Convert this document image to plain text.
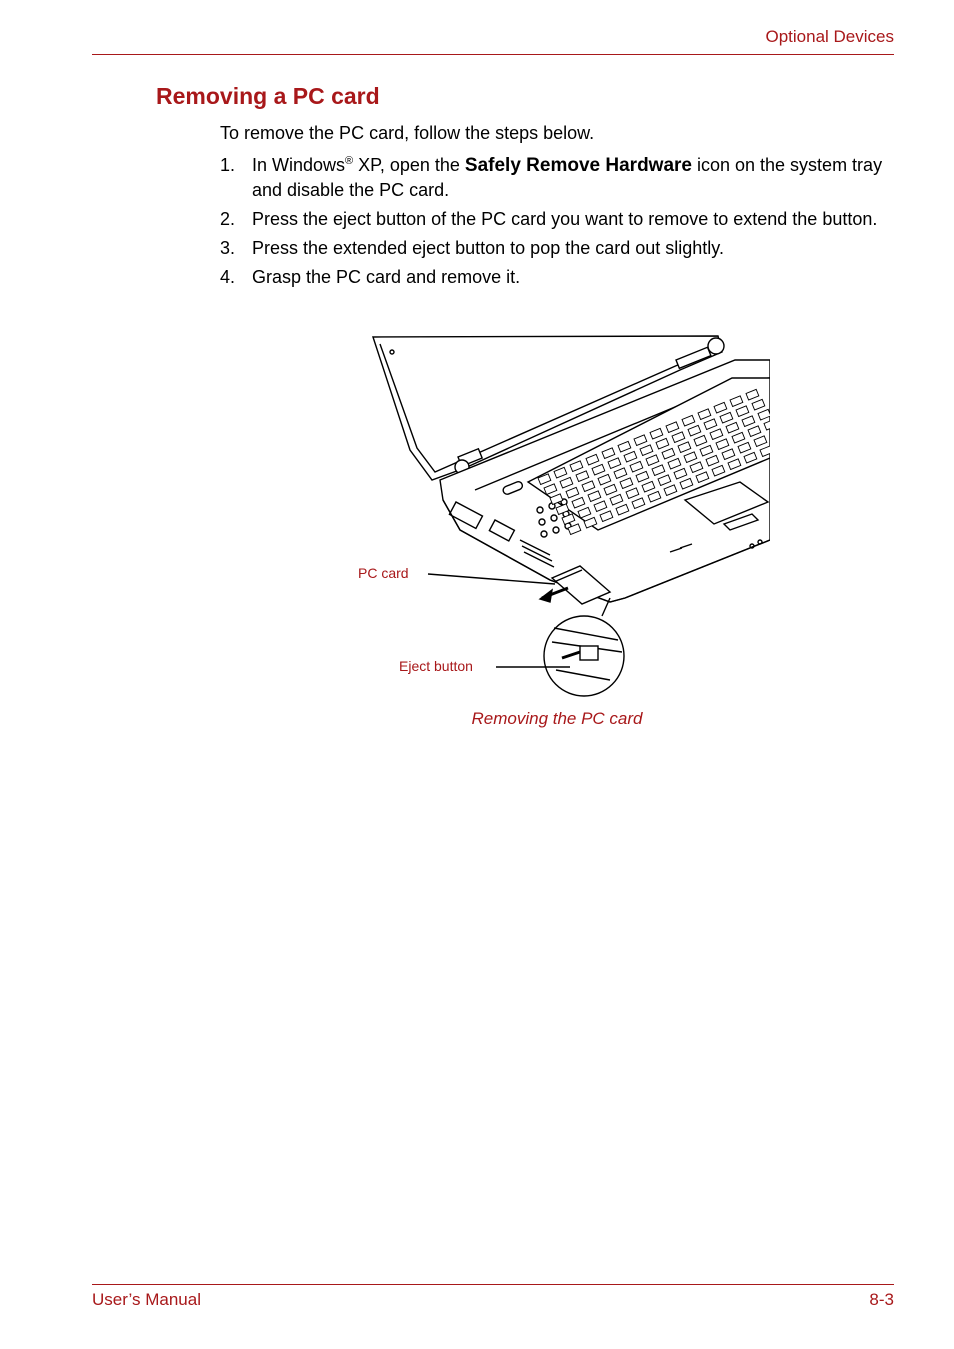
Optional Devices
Removing a PC card
To remove the PC card, follow the steps below.
1. In Windows® XP, open the Safely Remove Hardware icon on the system tray and disable the PC card.
2. Press the eject button of the PC card you want to remove to extend the button.
3. Press the extended eject button to pop the card out slightly.
4. Grasp the PC card and remove it.
PC card
Eject button
Removing the PC card
User’s Manual	8-3
